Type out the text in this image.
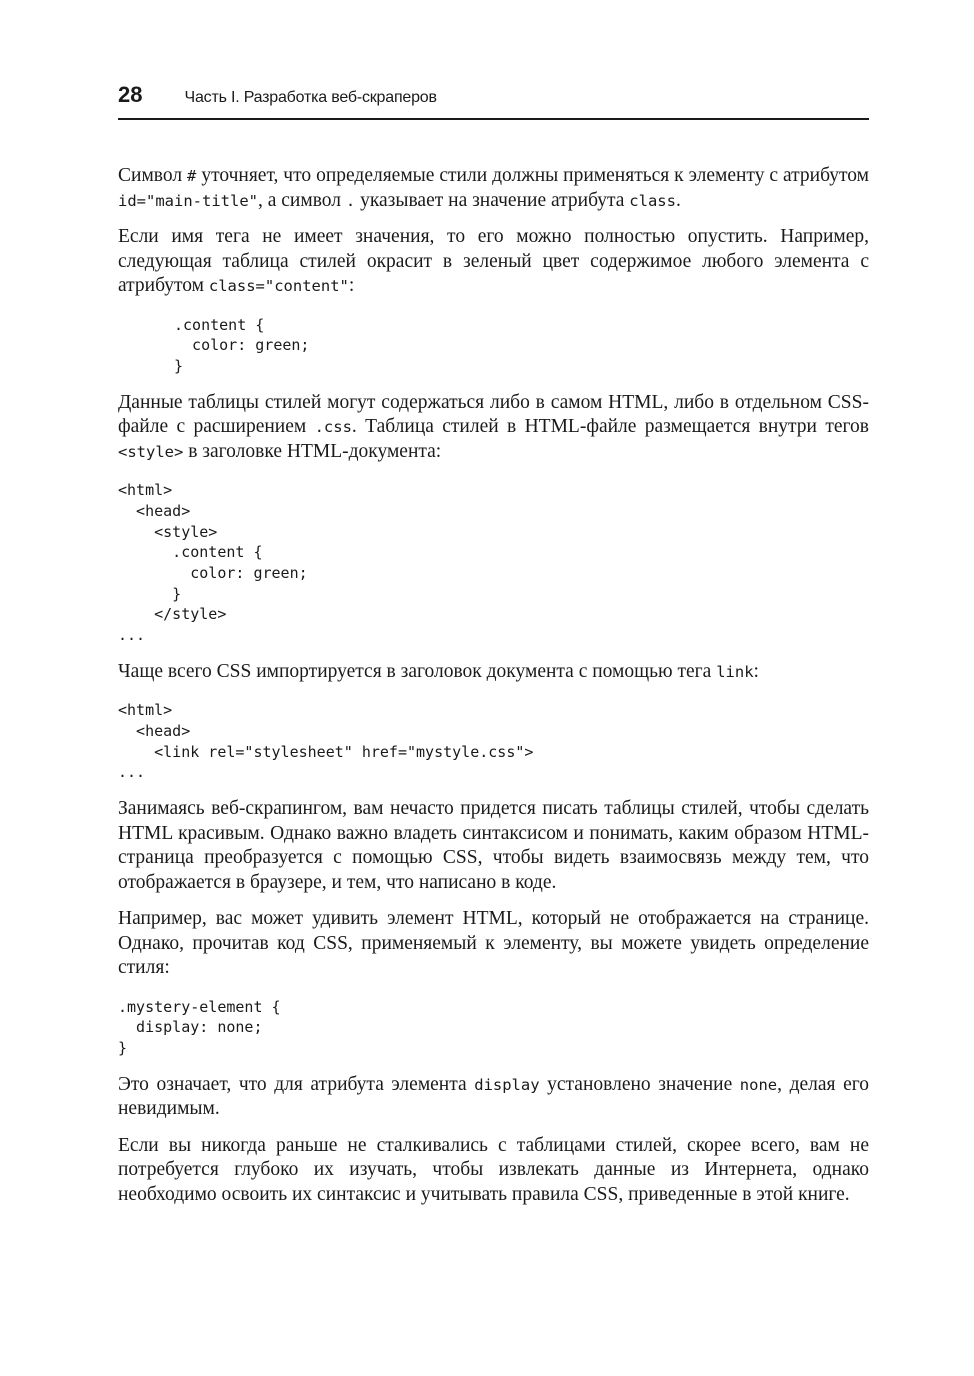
28	Часть I. Разработка веб-скраперов

Символ # уточняет, что определяемые стили должны применяться к элементу с атрибутом id="main-title", а символ . указывает на значение атрибута class.

Если имя тега не имеет значения, то его можно полностью опустить. Например, следующая таблица стилей окрасит в зеленый цвет содержимое любого элемента с атрибутом class="content":

.content {
color: green;
}

Данные таблицы стилей могут содержаться либо в самом HTML, либо в отдельном CSS-файле с расширением .css. Таблица стилей в HTML-файле размещается внутри тегов <style> в заголовке HTML-документа:

<html>
<head>
<style>
.content {
color: green;
}
</style>
...

Чаще всего CSS импортируется в заголовок документа с помощью тега link:

<html>
<head>
<link rel="stylesheet" href="mystyle.css">
...

Занимаясь веб-скрапингом, вам нечасто придется писать таблицы стилей, чтобы сделать HTML красивым. Однако важно владеть синтаксисом и понимать, каким образом HTML-страница преобразуется с помощью CSS, чтобы видеть взаимосвязь между тем, что отображается в браузере, и тем, что написано в коде.

Например, вас может удивить элемент HTML, который не отображается на странице. Однако, прочитав код CSS, применяемый к элементу, вы можете увидеть определение стиля:

.mystery-element {
display: none;
}

Это означает, что для атрибута элемента display установлено значение none, делая его невидимым.

Если вы никогда раньше не сталкивались с таблицами стилей, скорее всего, вам не потребуется глубоко их изучать, чтобы извлекать данные из Интернета, однако необходимо освоить их синтаксис и учитывать правила CSS, приведенные в этой книге.
